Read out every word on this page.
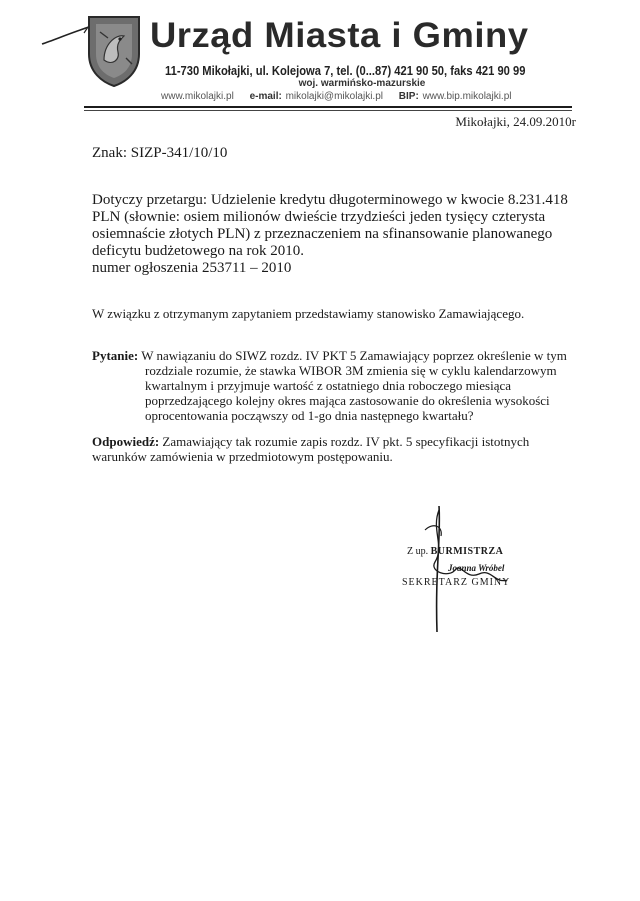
Urząd Miasta i Gminy
11-730 Mikołajki, ul. Kolejowa 7, tel. (0...87) 421 90 50, faks 421 90 99
woj. warmińsko-mazurskie
www.mikolajki.pl e-mail: mikolajki@mikolajki.pl BIP: www.bip.mikolajki.pl
Mikołajki, 24.09.2010r
Znak: SIZP-341/10/10
Dotyczy przetargu: Udzielenie kredytu długoterminowego w kwocie 8.231.418
PLN (słownie: osiem milionów dwieście trzydzieści jeden tysięcy czterysta
osiemnaście złotych PLN) z przeznaczeniem na sfinansowanie planowanego
deficytu budżetowego na rok 2010.
numer ogłoszenia 253711 – 2010
W związku z otrzymanym zapytaniem przedstawiamy stanowisko Zamawiającego.
Pytanie: W nawiązaniu do SIWZ rozdz. IV PKT 5 Zamawiający poprzez określenie w tym
rozdziale rozumie, że stawka WIBOR 3M zmienia się w cyklu kalendarzowym
kwartalnym i przyjmuje wartość z ostatniego dnia roboczego miesiąca
poprzedzającego kolejny okres mająca zastosowanie do określenia wysokości
oprocentowania począwszy od 1-go dnia następnego kwartału?
Odpowiedź: Zamawiający tak rozumie zapis rozdz. IV pkt. 5 specyfikacji istotnych
warunków zamówienia w przedmiotowym postępowaniu.
Z up. BURMISTRZA
Joanna Wróbel
SEKRETARZ GMINY
